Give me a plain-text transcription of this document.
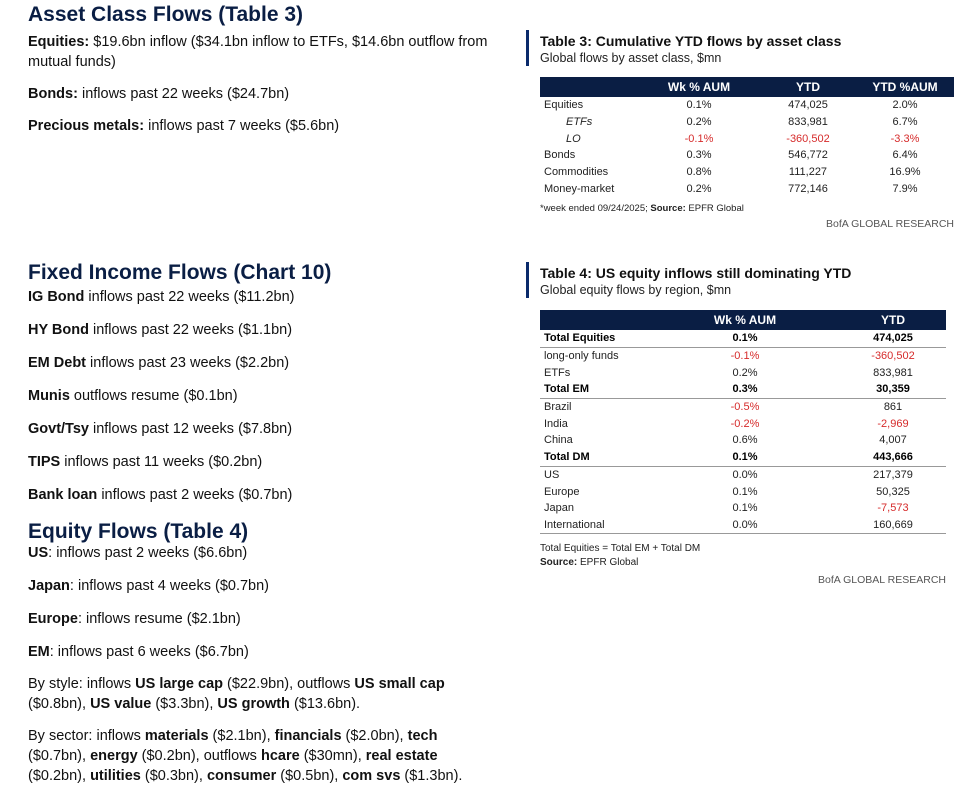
Asset Class Flows (Table 3)
Equities: $19.6bn inflow ($34.1bn inflow to ETFs, $14.6bn outflow from mutual funds)
Bonds: inflows past 22 weeks ($24.7bn)
Precious metals: inflows past 7 weeks ($5.6bn)
Fixed Income Flows (Chart 10)
IG Bond inflows past 22 weeks ($11.2bn)
HY Bond inflows past 22 weeks ($1.1bn)
EM Debt inflows past 23 weeks ($2.2bn)
Munis outflows resume ($0.1bn)
Govt/Tsy inflows past 12 weeks ($7.8bn)
TIPS inflows past 11 weeks ($0.2bn)
Bank loan inflows past 2 weeks ($0.7bn)
Equity Flows (Table 4)
US: inflows past 2 weeks ($6.6bn)
Japan: inflows past 4 weeks ($0.7bn)
Europe: inflows resume ($2.1bn)
EM: inflows past 6 weeks ($6.7bn)
By style: inflows US large cap ($22.9bn), outflows US small cap ($0.8bn), US value ($3.3bn), US growth ($13.6bn).
By sector: inflows materials ($2.1bn), financials ($2.0bn), tech ($0.7bn), energy ($0.2bn), outflows hcare ($30mn), real estate ($0.2bn), utilities ($0.3bn), consumer ($0.5bn), com svs ($1.3bn).
Table 3: Cumulative YTD flows by asset class
Global flows by asset class, $mn
	Wk % AUM	YTD	YTD %AUM
Equities	0.1%	474,025	2.0%
ETFs	0.2%	833,981	6.7%
LO	-0.1%	-360,502	-3.3%
Bonds	0.3%	546,772	6.4%
Commodities	0.8%	111,227	16.9%
Money-market	0.2%	772,146	7.9%
*week ended 09/24/2025; Source: EPFR Global
BofA GLOBAL RESEARCH
Table 4: US equity inflows still dominating YTD
Global equity flows by region, $mn
	Wk % AUM	YTD
Total Equities	0.1%	474,025
long-only funds	-0.1%	-360,502
ETFs	0.2%	833,981
Total EM	0.3%	30,359
Brazil	-0.5%	861
India	-0.2%	-2,969
China	0.6%	4,007
Total DM	0.1%	443,666
US	0.0%	217,379
Europe	0.1%	50,325
Japan	0.1%	-7,573
International	0.0%	160,669
Total Equities = Total EM + Total DM
Source: EPFR Global
BofA GLOBAL RESEARCH
